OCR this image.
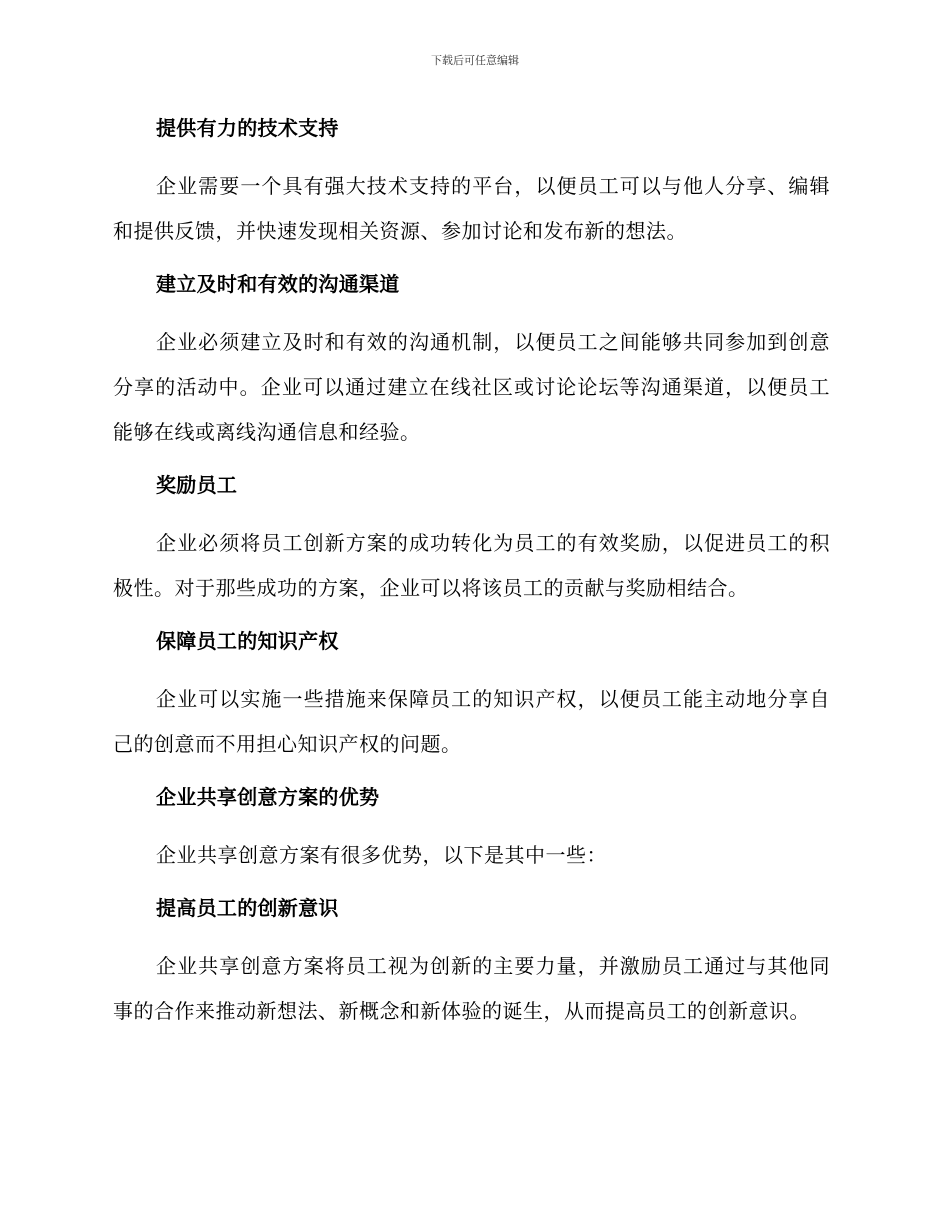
下载后可任意编辑
提供有力的技术支持

企业需要一个具有强大技术支持的平台，以便员工可以与他人分享、编辑和提供反馈，并快速发现相关资源、参加讨论和发布新的想法。

建立及时和有效的沟通渠道

企业必须建立及时和有效的沟通机制，以便员工之间能够共同参加到创意分享的活动中。企业可以通过建立在线社区或讨论论坛等沟通渠道，以便员工能够在线或离线沟通信息和经验。

奖励员工

企业必须将员工创新方案的成功转化为员工的有效奖励，以促进员工的积极性。对于那些成功的方案，企业可以将该员工的贡献与奖励相结合。

保障员工的知识产权

企业可以实施一些措施来保障员工的知识产权，以便员工能主动地分享自己的创意而不用担心知识产权的问题。

企业共享创意方案的优势

企业共享创意方案有很多优势，以下是其中一些：

提高员工的创新意识

企业共享创意方案将员工视为创新的主要力量，并激励员工通过与其他同事的合作来推动新想法、新概念和新体验的诞生，从而提高员工的创新意识。
